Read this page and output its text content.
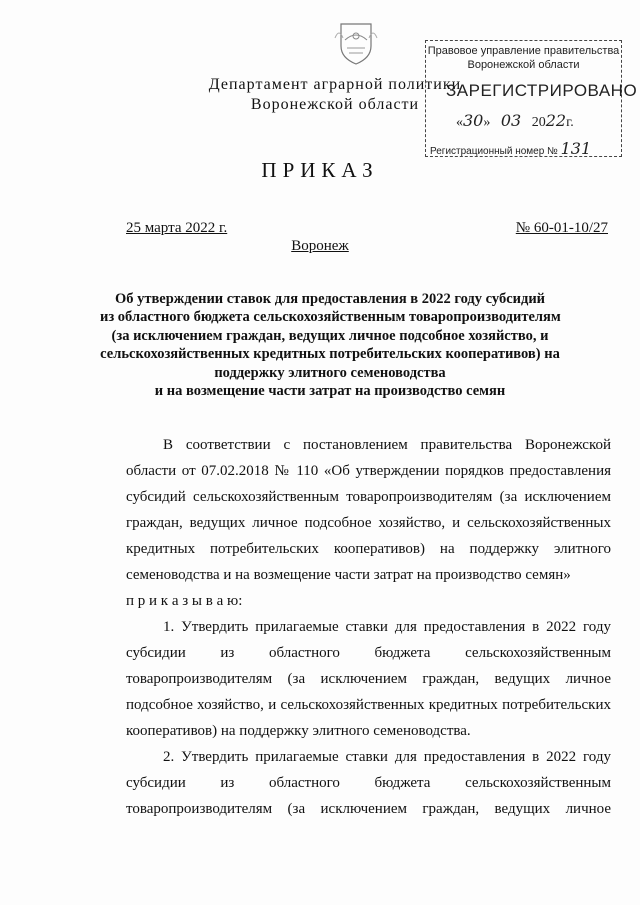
Департамент аграрной политики
Воронежской области
Правовое управление правительства
Воронежской области
ЗАРЕГИСТРИРОВАНО
«30»   03 2022г.
Регистрационный номер № 131
ПРИКАЗ
25 марта 2022 г.	№ 60-01-10/27
Воронеж
Об утверждении ставок для предоставления в 2022 году субсидий
из областного бюджета сельскохозяйственным товаропроизводителям
(за исключением граждан, ведущих личное подсобное хозяйство, и
сельскохозяйственных кредитных потребительских кооперативов) на
поддержку элитного семеноводства
и на возмещение части затрат на производство семян
В соответствии с постановлением правительства Воронежской
области от 07.02.2018 № 110 «Об утверждении порядков предоставления
субсидий сельскохозяйственным товаропроизводителям (за исключением
граждан, ведущих личное подсобное хозяйство, и сельскохозяйственных
кредитных потребительских кооперативов) на поддержку элитного
семеноводства и на возмещение части затрат на производство семян»
п р и к а з ы в а ю:
1. Утвердить прилагаемые ставки для предоставления в 2022 году
субсидии из областного бюджета сельскохозяйственным
товаропроизводителям (за исключением граждан, ведущих личное
подсобное хозяйство, и сельскохозяйственных кредитных потребительских
кооперативов) на поддержку элитного семеноводства.
2. Утвердить прилагаемые ставки для предоставления в 2022 году
субсидии из областного бюджета сельскохозяйственным
товаропроизводителям (за исключением граждан, ведущих личное
